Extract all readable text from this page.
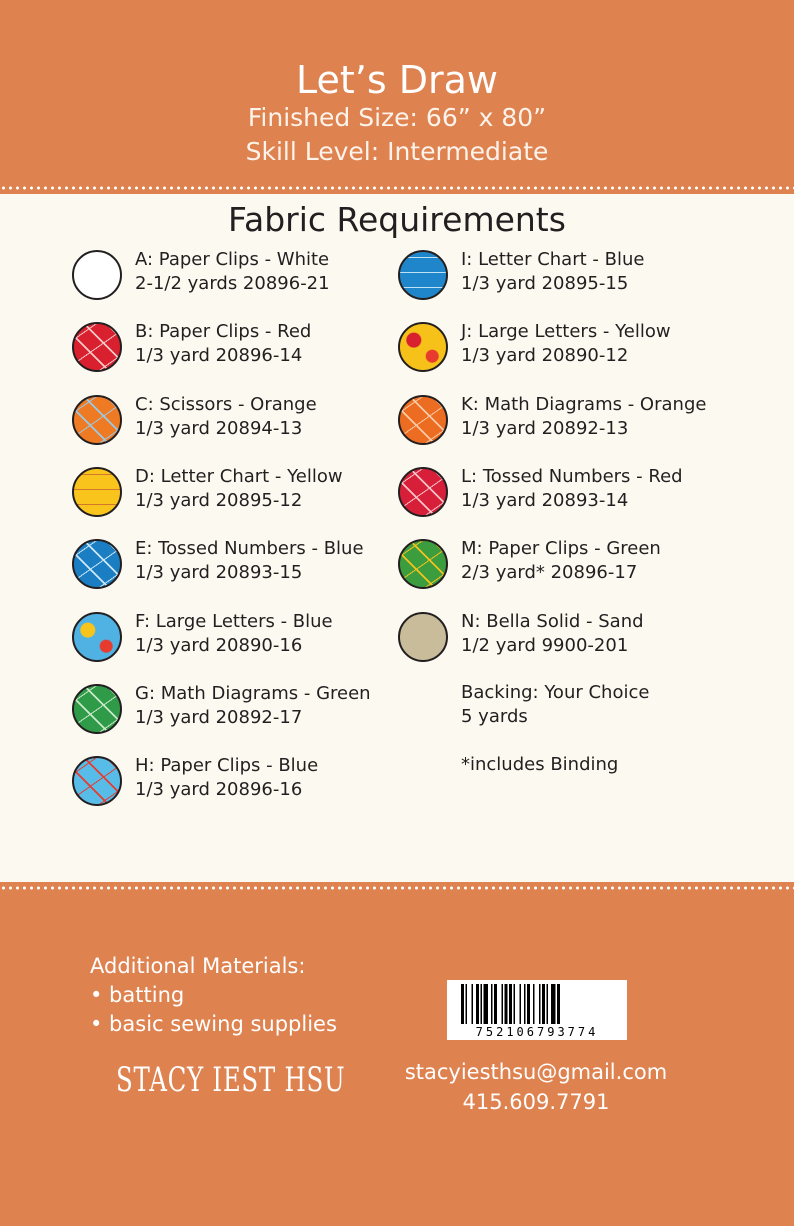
Let’s Draw
Finished Size: 66” x 80”
Skill Level: Intermediate
Fabric Requirements
A: Paper Clips - White
2-1/2 yards 20896-21
B: Paper Clips - Red
1/3 yard 20896-14
C: Scissors - Orange
1/3 yard 20894-13
D: Letter Chart - Yellow
1/3 yard 20895-12
E: Tossed Numbers - Blue
1/3 yard 20893-15
F: Large Letters - Blue
1/3 yard 20890-16
G: Math Diagrams - Green
1/3 yard 20892-17
H: Paper Clips - Blue
1/3 yard 20896-16
I: Letter Chart - Blue
1/3 yard 20895-15
J: Large Letters - Yellow
1/3 yard 20890-12
K: Math Diagrams - Orange
1/3 yard 20892-13
L: Tossed Numbers - Red
1/3 yard 20893-14
M: Paper Clips - Green
2/3 yard* 20896-17
N: Bella Solid - Sand
1/2 yard 9900-201
Backing: Your Choice
5 yards
*includes Binding
Additional Materials:
• batting
• basic sewing supplies
STACY IEST HSU
752106793774
stacyiesthsu@gmail.com
415.609.7791
